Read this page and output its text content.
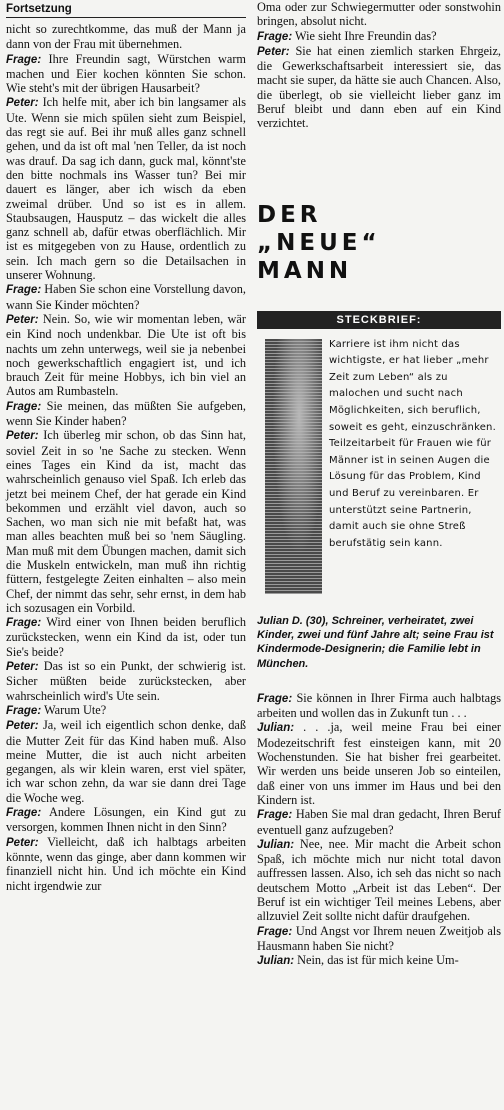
Fortsetzung

nicht so zurechtkomme, das muß der Mann ja dann von der Frau mit übernehmen.

Frage: Ihre Freundin sagt, Würstchen warm machen und Eier kochen könnten Sie schon. Wie steht's mit der übrigen Hausarbeit?

Peter: Ich helfe mit, aber ich bin langsamer als Ute. Wenn sie mich spülen sieht zum Beispiel, das regt sie auf. Bei ihr muß alles ganz schnell gehen, und da ist oft mal 'nen Teller, da ist noch was drauf. Da sag ich dann, guck mal, könnt'ste den bitte nochmals ins Wasser tun? Bei mir dauert es länger, aber ich wisch da eben zweimal drüber. Und so ist es in allem. Staubsaugen, Hausputz – das wickelt die alles ganz schnell ab, dafür etwas oberflächlich. Mir ist es mitgegeben von zu Hause, ordentlich zu sein. Ich mach gern so die Detailsachen in unserer Wohnung.

Frage: Haben Sie schon eine Vorstellung davon, wann Sie Kinder möchten?

Peter: Nein. So, wie wir momentan leben, wär ein Kind noch undenkbar. Die Ute ist oft bis nachts um zehn unterwegs, weil sie ja nebenbei noch gewerkschaftlich engagiert ist, und ich brauch Zeit für meine Hobbys, ich bin viel an Autos am Rumbasteln.

Frage: Sie meinen, das müßten Sie aufgeben, wenn Sie Kinder haben?

Peter: Ich überleg mir schon, ob das Sinn hat, soviel Zeit in so 'ne Sache zu stecken. Wenn eines Tages ein Kind da ist, macht das wahrscheinlich genauso viel Spaß. Ich erleb das jetzt bei meinem Chef, der hat gerade ein Kind bekommen und erzählt viel davon, auch so Sachen, wo man sich nie mit befaßt hat, was man alles beachten muß bei so 'nem Säugling. Man muß mit dem Übungen machen, damit sich die Muskeln entwickeln, man muß ihn richtig füttern, festgelegte Zeiten einhalten – also mein Chef, der nimmt das sehr, sehr ernst, in dem hab ich sozusagen ein Vorbild.

Frage: Wird einer von Ihnen beiden beruflich zurückstecken, wenn ein Kind da ist, oder tun Sie's beide?

Peter: Das ist so ein Punkt, der schwierig ist. Sicher müßten beide zurückstecken, aber wahrscheinlich wird's Ute sein.

Frage: Warum Ute?

Peter: Ja, weil ich eigentlich schon denke, daß die Mutter Zeit für das Kind haben muß. Also meine Mutter, die ist auch nicht arbeiten gegangen, als wir klein waren, erst viel später, ich war schon zehn, da war sie dann drei Tage die Woche weg.

Frage: Andere Lösungen, ein Kind gut zu versorgen, kommen Ihnen nicht in den Sinn?

Peter: Vielleicht, daß ich halbtags arbeiten könnte, wenn das ginge, aber dann kommen wir finanziell nicht hin. Und ich möchte ein Kind nicht irgendwie zur

Oma oder zur Schwiegermutter oder sonstwohin bringen, absolut nicht.

Frage: Wie sieht Ihre Freundin das?

Peter: Sie hat einen ziemlich starken Ehrgeiz, die Gewerkschaftsarbeit interessiert sie, das macht sie super, da hätte sie auch Chancen. Also, die überlegt, ob sie vielleicht lieber ganz im Beruf bleibt und dann eben auf ein Kind verzichtet.

DER
„NEUE“
MANN
STECKBRIEF:

Karriere ist ihm nicht das wichtigste, er hat lieber „mehr Zeit zum Leben“ als zu malochen und sucht nach Möglichkeiten, sich beruflich, soweit es geht, einzuschränken. Teilzeitarbeit für Frauen wie für Männer ist in seinen Augen die Lösung für das Problem, Kind und Beruf zu vereinbaren. Er unterstützt seine Partnerin, damit auch sie ohne Streß berufstätig sein kann.

Julian D. (30), Schreiner, verheiratet, zwei Kinder, zwei und fünf Jahre alt; seine Frau ist Kindermode-Designerin; die Familie lebt in München.

Frage: Sie können in Ihrer Firma auch halbtags arbeiten und wollen das in Zukunft tun . . .

Julian: . . .ja, weil meine Frau bei einer Modezeitschrift fest einsteigen kann, mit 20 Wochenstunden. Sie hat bisher frei gearbeitet. Wir werden uns beide unseren Job so einteilen, daß einer von uns immer im Haus und bei den Kindern ist.

Frage: Haben Sie mal dran gedacht, Ihren Beruf eventuell ganz aufzugeben?

Julian: Nee, nee. Mir macht die Arbeit schon Spaß, ich möchte mich nur nicht total davon auffressen lassen. Also, ich seh das nicht so nach deutschem Motto „Arbeit ist das Leben“. Der Beruf ist ein wichtiger Teil meines Lebens, aber allzuviel Zeit sollte nicht dafür draufgehen.

Frage: Und Angst vor Ihrem neuen Zweitjob als Hausmann haben Sie nicht?

Julian: Nein, das ist für mich keine Um-
